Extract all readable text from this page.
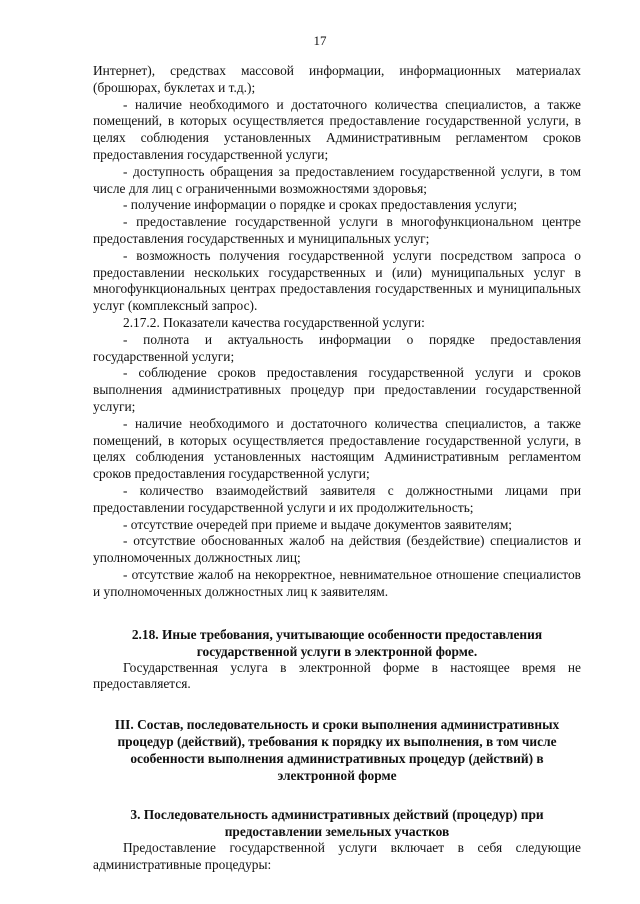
17

Интернет), средствах массовой информации, информационных материалах (брошюрах, буклетах и т.д.);

- наличие необходимого и достаточного количества специалистов, а также помещений, в которых осуществляется предоставление государственной услуги, в целях соблюдения установленных Административным регламентом сроков предоставления государственной услуги;

- доступность обращения за предоставлением государственной услуги, в том числе для лиц с ограниченными возможностями здоровья;

- получение информации о порядке и сроках предоставления услуги;

- предоставление государственной услуги в многофункциональном центре предоставления государственных и муниципальных услуг;

- возможность получения государственной услуги посредством запроса о предоставлении нескольких государственных и (или) муниципальных услуг в многофункциональных центрах предоставления государственных и муниципальных услуг (комплексный запрос).

2.17.2. Показатели качества государственной услуги:

- полнота и актуальность информации о порядке предоставления государственной услуги;

- соблюдение сроков предоставления государственной услуги и сроков выполнения административных процедур при предоставлении государственной услуги;

- наличие необходимого и достаточного количества специалистов, а также помещений, в которых осуществляется предоставление государственной услуги, в целях соблюдения установленных настоящим Административным регламентом сроков предоставления государственной услуги;

- количество взаимодействий заявителя с должностными лицами при предоставлении государственной услуги и их продолжительность;

- отсутствие очередей при приеме и выдаче документов заявителям;

- отсутствие обоснованных жалоб на действия (бездействие) специалистов и уполномоченных должностных лиц;

- отсутствие жалоб на некорректное, невнимательное отношение специалистов и уполномоченных должностных лиц к заявителям.

2.18. Иные требования, учитывающие особенности предоставления государственной услуги в электронной форме.

Государственная услуга в электронной форме в настоящее время не предоставляется.

III. Состав, последовательность и сроки выполнения административных процедур (действий), требования к порядку их выполнения, в том числе особенности выполнения административных процедур (действий) в электронной форме
3. Последовательность административных действий (процедур) при предоставлении земельных участков

Предоставление государственной услуги включает в себя следующие административные процедуры:
